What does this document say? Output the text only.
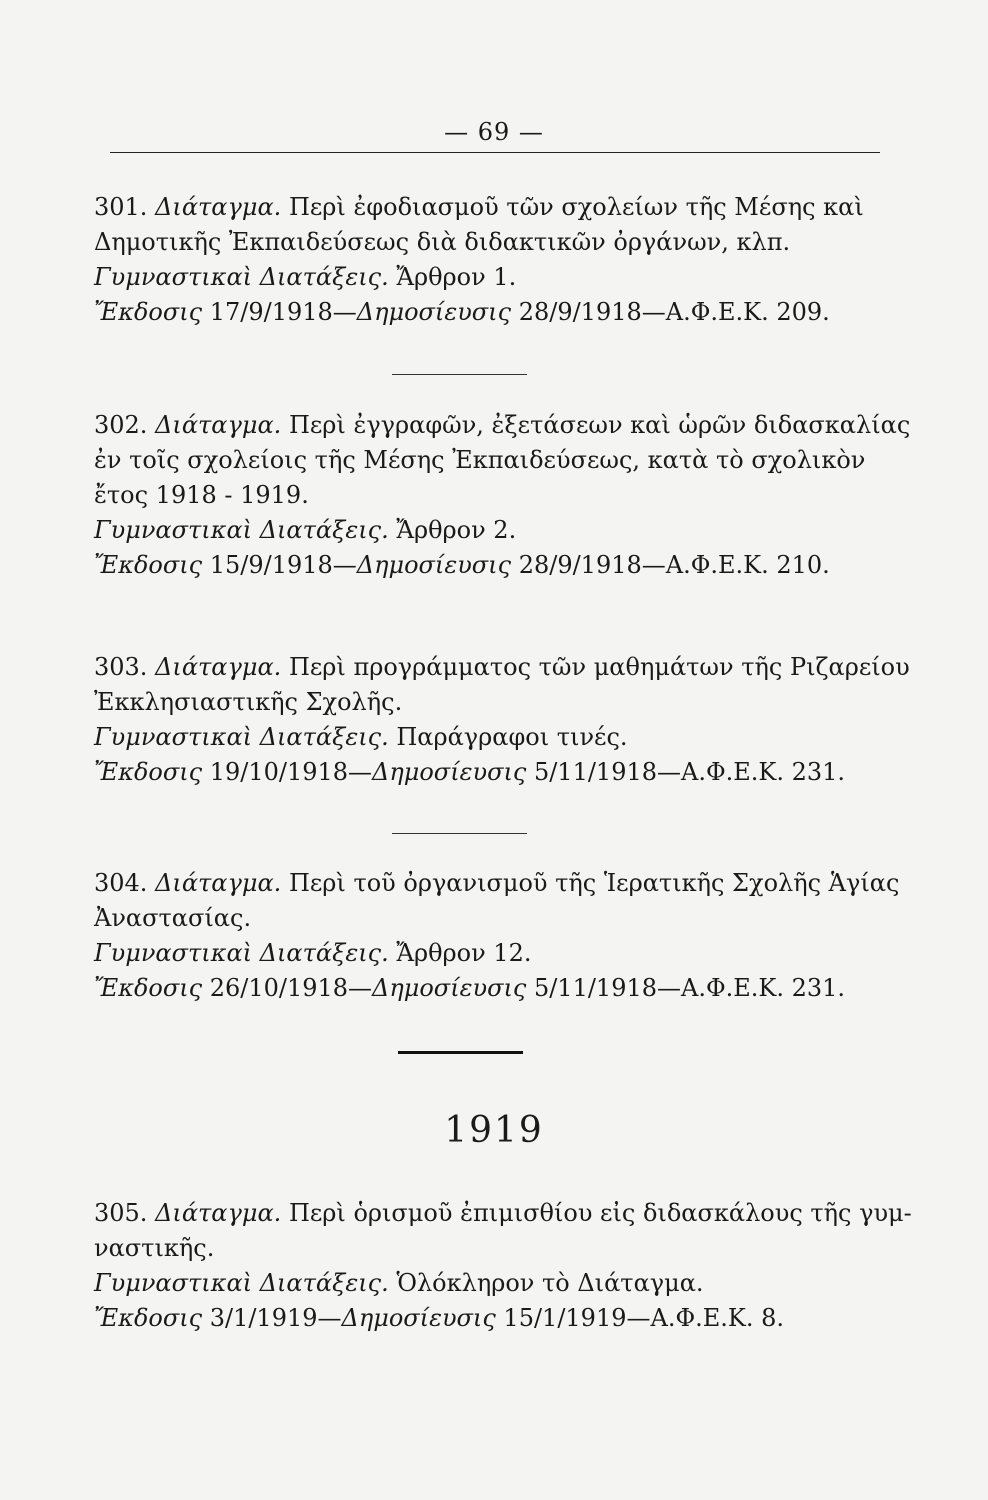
— 69 —
301. Διάταγμα. Περὶ ἐφοδιασμοῦ τῶν σχολείων τῆς Μέσης καὶ
Δημοτικῆς Ἐκπαιδεύσεως διὰ διδακτικῶν ὀργάνων, κλπ.
Γυμναστικαὶ Διατάξεις. Ἄρθρον 1.
Ἔκδοσις 17/9/1918—Δημοσίευσις 28/9/1918—Α.Φ.Ε.Κ. 209.
302. Διάταγμα. Περὶ ἐγγραφῶν, ἐξετάσεων καὶ ὡρῶν διδασκαλίας
ἐν τοῖς σχολείοις τῆς Μέσης Ἐκπαιδεύσεως, κατὰ τὸ σχολικὸν
ἔτος 1918 - 1919.
Γυμναστικαὶ Διατάξεις. Ἄρθρον 2.
Ἔκδοσις 15/9/1918—Δημοσίευσις 28/9/1918—Α.Φ.Ε.Κ. 210.
303. Διάταγμα. Περὶ προγράμματος τῶν μαθημάτων τῆς Ριζαρείου
Ἐκκλησιαστικῆς Σχολῆς.
Γυμναστικαὶ Διατάξεις. Παράγραφοι τινές.
Ἔκδοσις 19/10/1918—Δημοσίευσις 5/11/1918—Α.Φ.Ε.Κ. 231.
304. Διάταγμα. Περὶ τοῦ ὀργανισμοῦ τῆς Ἱερατικῆς Σχολῆς Ἁγίας
Ἀναστασίας.
Γυμναστικαὶ Διατάξεις. Ἄρθρον 12.
Ἔκδοσις 26/10/1918—Δημοσίευσις 5/11/1918—Α.Φ.Ε.Κ. 231.
1919
305. Διάταγμα. Περὶ ὁρισμοῦ ἐπιμισθίου εἰς διδασκάλους τῆς γυμ-
ναστικῆς.
Γυμναστικαὶ Διατάξεις. Ὁλόκληρον τὸ Διάταγμα.
Ἔκδοσις 3/1/1919—Δημοσίευσις 15/1/1919—Α.Φ.Ε.Κ. 8.
